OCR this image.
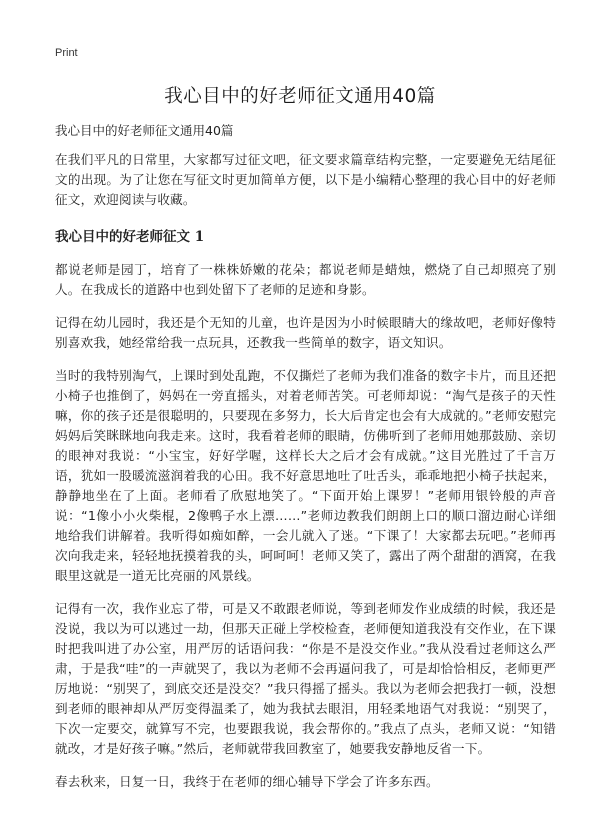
Print
我心目中的好老师征文通用40篇

我心目中的好老师征文通用40篇

在我们平凡的日常里，大家都写过征文吧，征文要求篇章结构完整，一定要避免无结尾征文的出现。为了让您在写征文时更加简单方便，以下是小编精心整理的我心目中的好老师征文，欢迎阅读与收藏。

我心目中的好老师征文 1

都说老师是园丁，培育了一株株娇嫩的花朵；都说老师是蜡烛，燃烧了自己却照亮了别人。在我成长的道路中也到处留下了老师的足迹和身影。

记得在幼儿园时，我还是个无知的儿童，也许是因为小时候眼睛大的缘故吧，老师好像特别喜欢我，她经常给我一点玩具，还教我一些简单的数字，语文知识。

当时的我特别淘气，上课时到处乱跑，不仅撕烂了老师为我们准备的数字卡片，而且还把小椅子也推倒了，妈妈在一旁直摇头，对着老师苦笑。可老师却说：“淘气是孩子的天性嘛，你的孩子还是很聪明的，只要现在多努力，长大后肯定也会有大成就的。”老师安慰完妈妈后笑眯眯地向我走来。这时，我看着老师的眼睛，仿佛听到了老师用她那鼓励、亲切的眼神对我说：“小宝宝，好好学喔，这样长大之后才会有成就。”这目光胜过了千言万语，犹如一股暖流滋润着我的心田。我不好意思地吐了吐舌头，乖乖地把小椅子扶起来，静静地坐在了上面。老师看了欣慰地笑了。“下面开始上课罗！”老师用银铃般的声音说：“1像小小火柴棍，2像鸭子水上漂……”老师边教我们朗朗上口的顺口溜边耐心详细地给我们讲解着。我听得如痴如醉，一会儿就入了迷。“下课了！大家都去玩吧。”老师再次向我走来，轻轻地抚摸着我的头，呵呵呵！老师又笑了，露出了两个甜甜的酒窝，在我眼里这就是一道无比亮丽的风景线。

记得有一次，我作业忘了带，可是又不敢跟老师说，等到老师发作业成绩的时候，我还是没说，我以为可以逃过一劫，但那天正碰上学校检查，老师便知道我没有交作业，在下课时把我叫进了办公室，用严厉的话语问我：“你是不是没交作业。”我从没看过老师这么严肃，于是我“哇”的一声就哭了，我以为老师不会再逼问我了，可是却恰恰相反，老师更严厉地说：“别哭了，到底交还是没交？”我只得摇了摇头。我以为老师会把我打一顿，没想到老师的眼神却从严厉变得温柔了，她为我拭去眼泪，用轻柔地语气对我说：“别哭了，下次一定要交，就算写不完，也要跟我说，我会帮你的。”我点了点头，老师又说：“知错就改，才是好孩子嘛。”然后，老师就带我回教室了，她要我安静地反省一下。

春去秋来，日复一日，我终于在老师的细心辅导下学会了许多东西。
